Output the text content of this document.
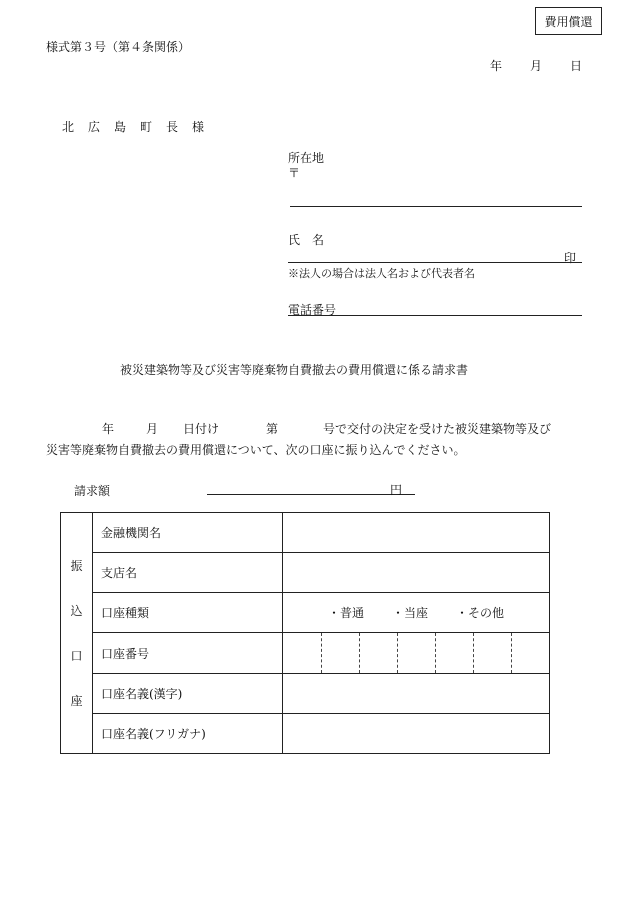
費用償還
様式第３号（第４条関係）
年 月 日
北 広 島 町 長 様
所在地
〒
氏　名
印
※法人の場合は法人名および代表者名
電話番号
被災建築物等及び災害等廃棄物自費撤去の費用償還に係る請求書
年	月 日付け	第	号で交付の決定を受けた被災建築物等及び
災害等廃棄物自費撤去の費用償還について、次の口座に振り込んでください。
請求額	円
振
込
口
座	金融機関名	
	支店名	
	口座種類	・普通 ・当座 ・その他

	口座番号	

	口座名義(漢字)	
	口座名義(フリガナ)	
